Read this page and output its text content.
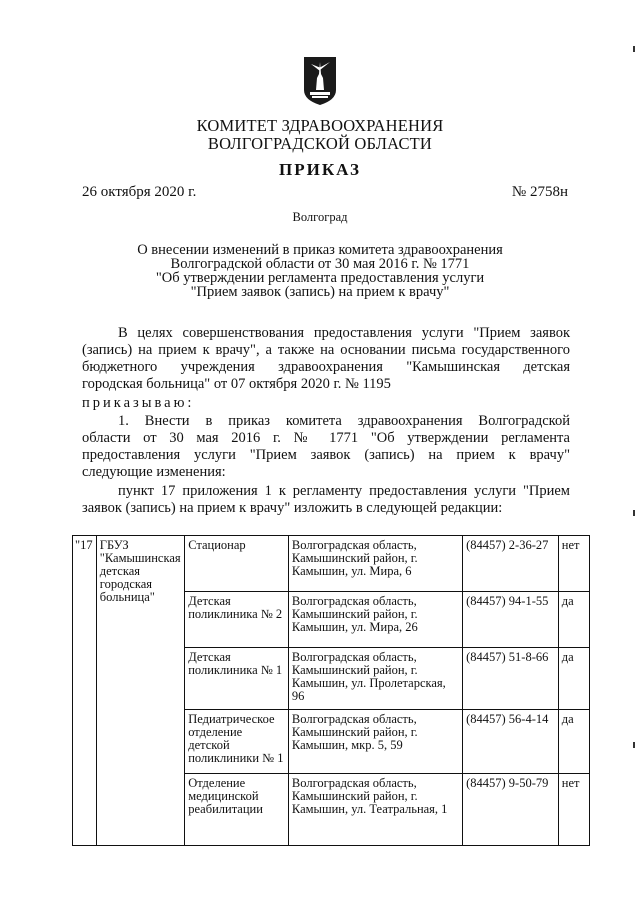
КОМИТЕТ ЗДРАВООХРАНЕНИЯ
ВОЛГОГРАДСКОЙ ОБЛАСТИ
ПРИКАЗ
26 октября 2020 г.	№ 2758н
Волгоград
О внесении изменений в приказ комитета здравоохранения
Волгоградской области от 30 мая 2016 г. № 1771
"Об утверждении регламента предоставления услуги
"Прием заявок (запись) на прием к врачу"
В целях совершенствования предоставления услуги "Прием заявок
(запись) на прием к врачу", а также на основании письма государственного
бюджетного учреждения здравоохранения "Камышинская детская
городская больница" от 07 октября 2020 г. № 1195
приказываю:
1. Внести в приказ комитета здравоохранения Волгоградской
области от 30 мая 2016 г. № 1771 "Об утверждении регламента
предоставления услуги "Прием заявок (запись) на прием к врачу"
следующие изменения:
пункт 17 приложения 1 к регламенту предоставления услуги "Прием
заявок (запись) на прием к врачу" изложить в следующей редакции:
"17	ГБУЗ "Камышинская детская городская больница"	Стационар	Волгоградская область, Камышинский район, г. Камышин, ул. Мира, 6	(84457) 2-36-27	нет
		Детская поликлиника № 2	Волгоградская область, Камышинский район, г. Камышин, ул. Мира, 26	(84457) 94-1-55	да
		Детская поликлиника № 1	Волгоградская область, Камышинский район, г. Камышин, ул. Пролетарская, 96	(84457) 51-8-66	да
		Педиатрическое отделение детской поликлиники № 1	Волгоградская область, Камышинский район, г. Камышин, мкр. 5, 59	(84457) 56-4-14	да
		Отделение медицинской реабилитации	Волгоградская область, Камышинский район, г. Камышин, ул. Театральная, 1	(84457) 9-50-79	нет
